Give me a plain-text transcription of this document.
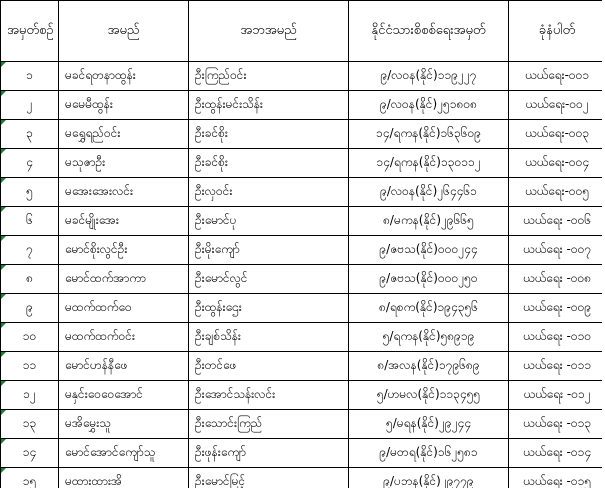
အမှတ်စဉ်	အမည်	အဘအမည်	နိုင်ငံသားစိစစ်ရေးအမှတ်	ခုံနံပါတ်

၁	မခင်ရတနာထွန်း	ဦးကြည်ဝင်း	၉/လဝန(နိုင်)၁၁၉၂၂၇	ယယ်ရေး-၀၀၁

၂	မမေမီထွန်း	ဦးထွန်းမင်းသိန်း	၉/လဝန(နိုင်)၂၅၁၈၀၈	ယယ်ရေး-၀၀၂

၃	မရွှေရည်ဝင်း	ဦးခင်စိုး	၁၄/ရကန(နိုင်)၁၆၃၆၀၉	ယယ်ရေး-၀၀၃

၄	မသုဇာဦး	ဦးခင်စိုး	၁၄/ရကန(နိုင်)၁၃၀၁၁၂	ယယ်ရေး-၀၀၄

၅	မအေးအေးလင်း	ဦးလှဝင်း	၉/လဝန(နိုင်)၂၆၄၄၆၁	ယယ်ရေး-၀၀၅

၆	မခင်မျိုးအေး	ဦးမောင်ပု	၈/မကန(နိုင်)၂၉၆၆၅	ယယ်ရေး -၀၀၆

၇	မောင်စိုးလွင်ဦး	ဦးမိုးကျော်	၉/ဇဗသ(နိုင်)၀၀၀၂၄၄	ယယ်ရေး -၀၀၇

၈	မောင်ထက်အာကာ	ဦးမောင်လွင်	၉/ဇဗသ(နိုင်)၀၀၀၂၅၀	ယယ်ရေး -၀၀၈

၉	မထက်ထက်ဝေ	ဦးထွန်းဌေး	၈/ရစက(နိုင်)၁၉၄၃၅၆	ယယ်ရေး -၀၀၉

၁၀	မထက်ထက်ဝင်း	ဦးချစ်သိန်း	၅/ရကန(နိုင်)၅၈၉၁၉	ယယ်ရေး -၀၁၀

၁၁	မောင်ဟန်နီဖေ	ဦးတင်ဖေ	၈/အလန(နိုင်)၁၇၉၆၈၉	ယယ်ရေး -၀၁၁

၁၂	မနှင်းဝေဝေအောင်	ဦးအောင်သန်းလင်း	၅/ဟမလ(နိုင်)၁၁၃၄၅၅	ယယ်ရေး -၀၁၂

၁၃	မအိမွှေးသူ	ဦးသောင်းကြည်	၅/မရန(နိုင်)၂၉၂၄၄	ယယ်ရေး -၀၁၃

၁၄	မောင်အောင်ကျော်သူ	ဦးဖုန်းကျော်	၉/မတရ(နိုင်)၁၆၂၅၈၁	ယယ်ရေး -၀၁၄

၁၅	မထားထားအိ	ဦးမောင်မြင့်	၉/ပဘန(နိုင်)၂၉၇၇၉	ယယ်ရေး -၀၁၅
